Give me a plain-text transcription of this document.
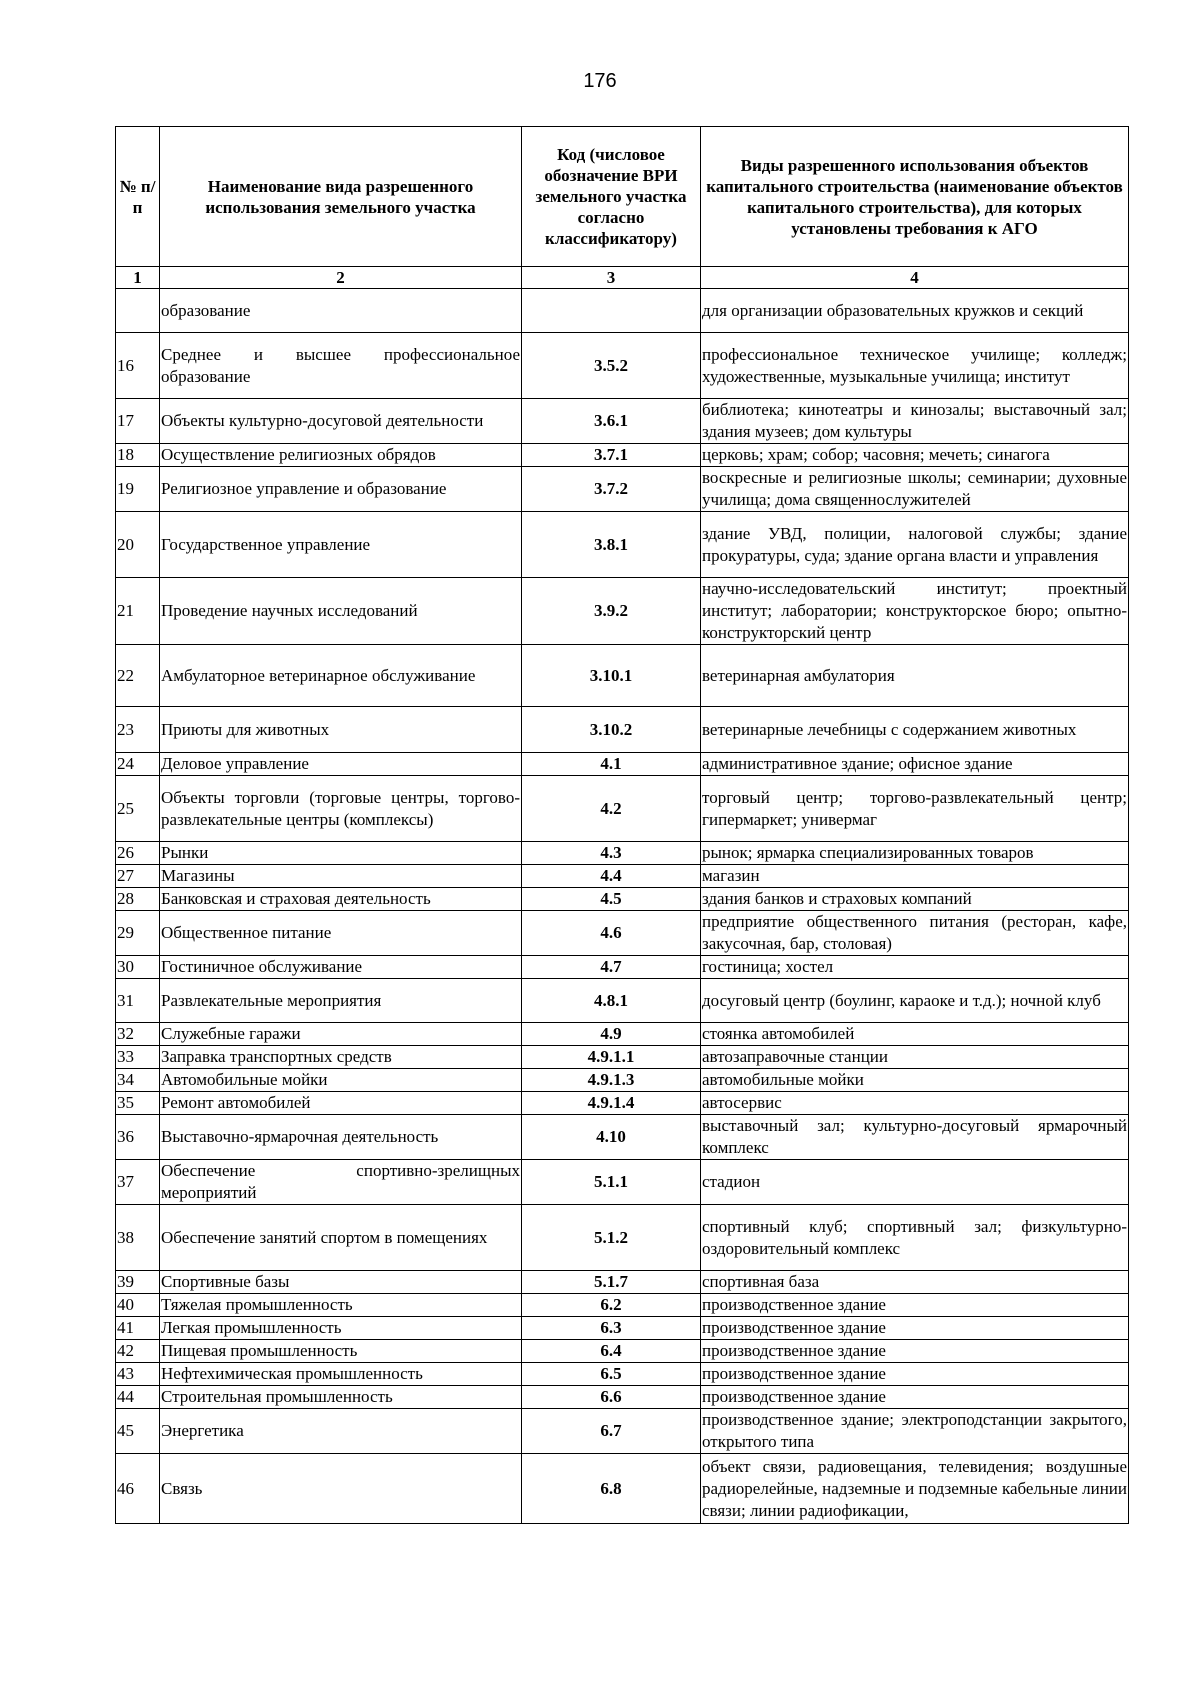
176
№ п/п	Наименование вида разрешенного использования земельного участка	Код (числовое обозначение ВРИ земельного участка согласно классификатору)	Виды разрешенного использования объектов капитального строительства (наименование объектов капитального строительства), для которых установлены требования к АГО
1	2	3	4
	образование		для организации образовательных кружков и секций
16	Среднее и высшее профессиональное образование	3.5.2	профессиональное техническое училище; колледж; художественные, музыкальные училища; институт
17	Объекты культурно-досуговой деятельности	3.6.1	библиотека; кинотеатры и кинозалы; выставочный зал; здания музеев; дом культуры
18	Осуществление религиозных обрядов	3.7.1	церковь; храм; собор; часовня; мечеть; синагога
19	Религиозное управление и образование	3.7.2	воскресные и религиозные школы; семинарии; духовные училища; дома священнослужителей
20	Государственное управление	3.8.1	здание УВД, полиции, налоговой службы; здание прокуратуры, суда; здание органа власти и управления
21	Проведение научных исследований	3.9.2	научно-исследовательский институт; проектный институт; лаборатории; конструкторское бюро; опытно- конструкторский центр
22	Амбулаторное ветеринарное обслуживание	3.10.1	ветеринарная амбулатория
23	Приюты для животных	3.10.2	ветеринарные лечебницы с содержанием животных
24	Деловое управление	4.1	административное здание; офисное здание
25	Объекты торговли (торговые центры, торгово- развлекательные центры (комплексы)	4.2	торговый центр; торгово-развлекательный центр; гипермаркет; универмаг
26	Рынки	4.3	рынок; ярмарка специализированных товаров
27	Магазины	4.4	магазин
28	Банковская и страховая деятельность	4.5	здания банков и страховых компаний
29	Общественное питание	4.6	предприятие общественного питания (ресторан, кафе, закусочная, бар, столовая)
30	Гостиничное обслуживание	4.7	гостиница; хостел
31	Развлекательные мероприятия	4.8.1	досуговый центр (боулинг, караоке и т.д.); ночной клуб
32	Служебные гаражи	4.9	стоянка автомобилей
33	Заправка транспортных средств	4.9.1.1	автозаправочные станции
34	Автомобильные мойки	4.9.1.3	автомобильные мойки
35	Ремонт автомобилей	4.9.1.4	автосервис
36	Выставочно-ярмарочная деятельность	4.10	выставочный зал; культурно-досуговый ярмарочный комплекс
37	Обеспечение спортивно-зрелищных мероприятий	5.1.1	стадион
38	Обеспечение занятий спортом в помещениях	5.1.2	спортивный клуб; спортивный зал; физкультурно-оздоровительный комплекс
39	Спортивные базы	5.1.7	спортивная база
40	Тяжелая промышленность	6.2	производственное здание
41	Легкая промышленность	6.3	производственное здание
42	Пищевая промышленность	6.4	производственное здание
43	Нефтехимическая промышленность	6.5	производственное здание
44	Строительная промышленность	6.6	производственное здание
45	Энергетика	6.7	производственное здание; электроподстанции закрытого, открытого типа
46	Связь	6.8	объект связи, радиовещания, телевидения; воздушные радиорелейные, надземные и подземные кабельные линии связи; линии радиофикации,
